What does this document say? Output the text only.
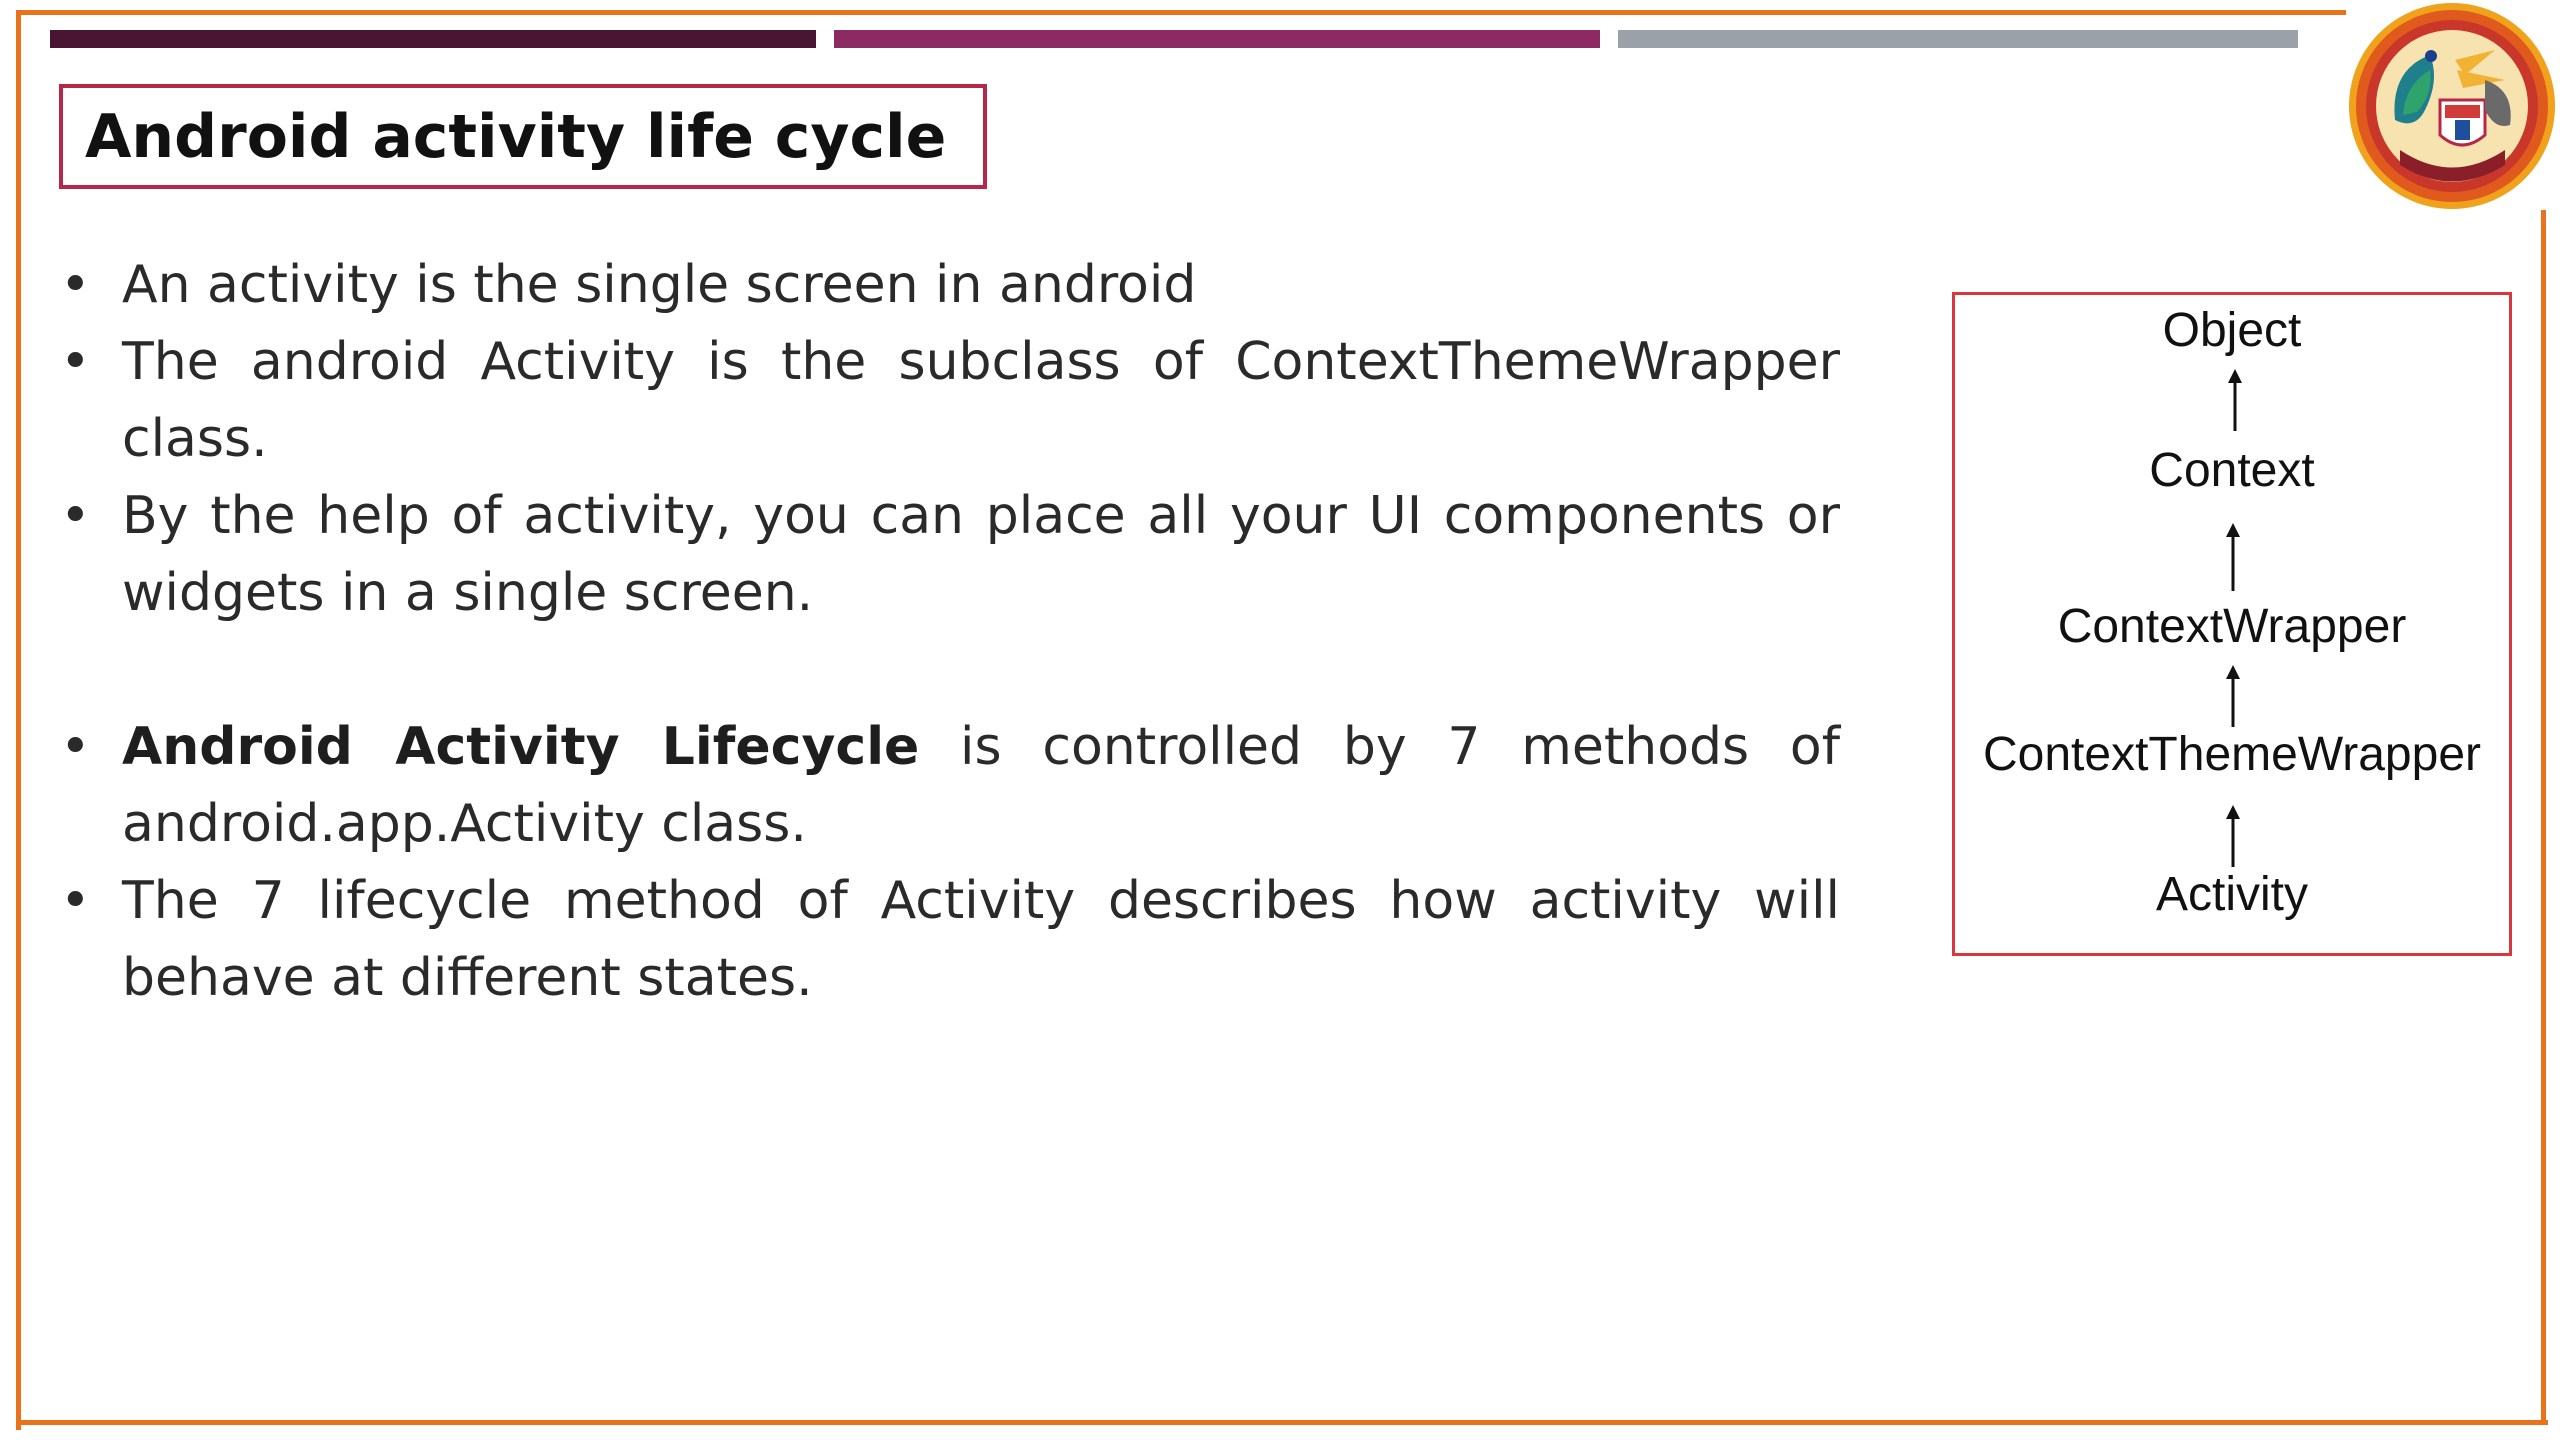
Android activity life cycle
• An activity is the single screen in android
• The android Activity is the subclass of ContextThemeWrapper class.
• By the help of activity, you can place all your UI components or widgets in a single screen.
• Android Activity Lifecycle is controlled by 7 methods of android.app.Activity class.
• The 7 lifecycle method of Activity describes how activity will behave at different states.
Object
Context
ContextWrapper
ContextThemeWrapper
Activity
